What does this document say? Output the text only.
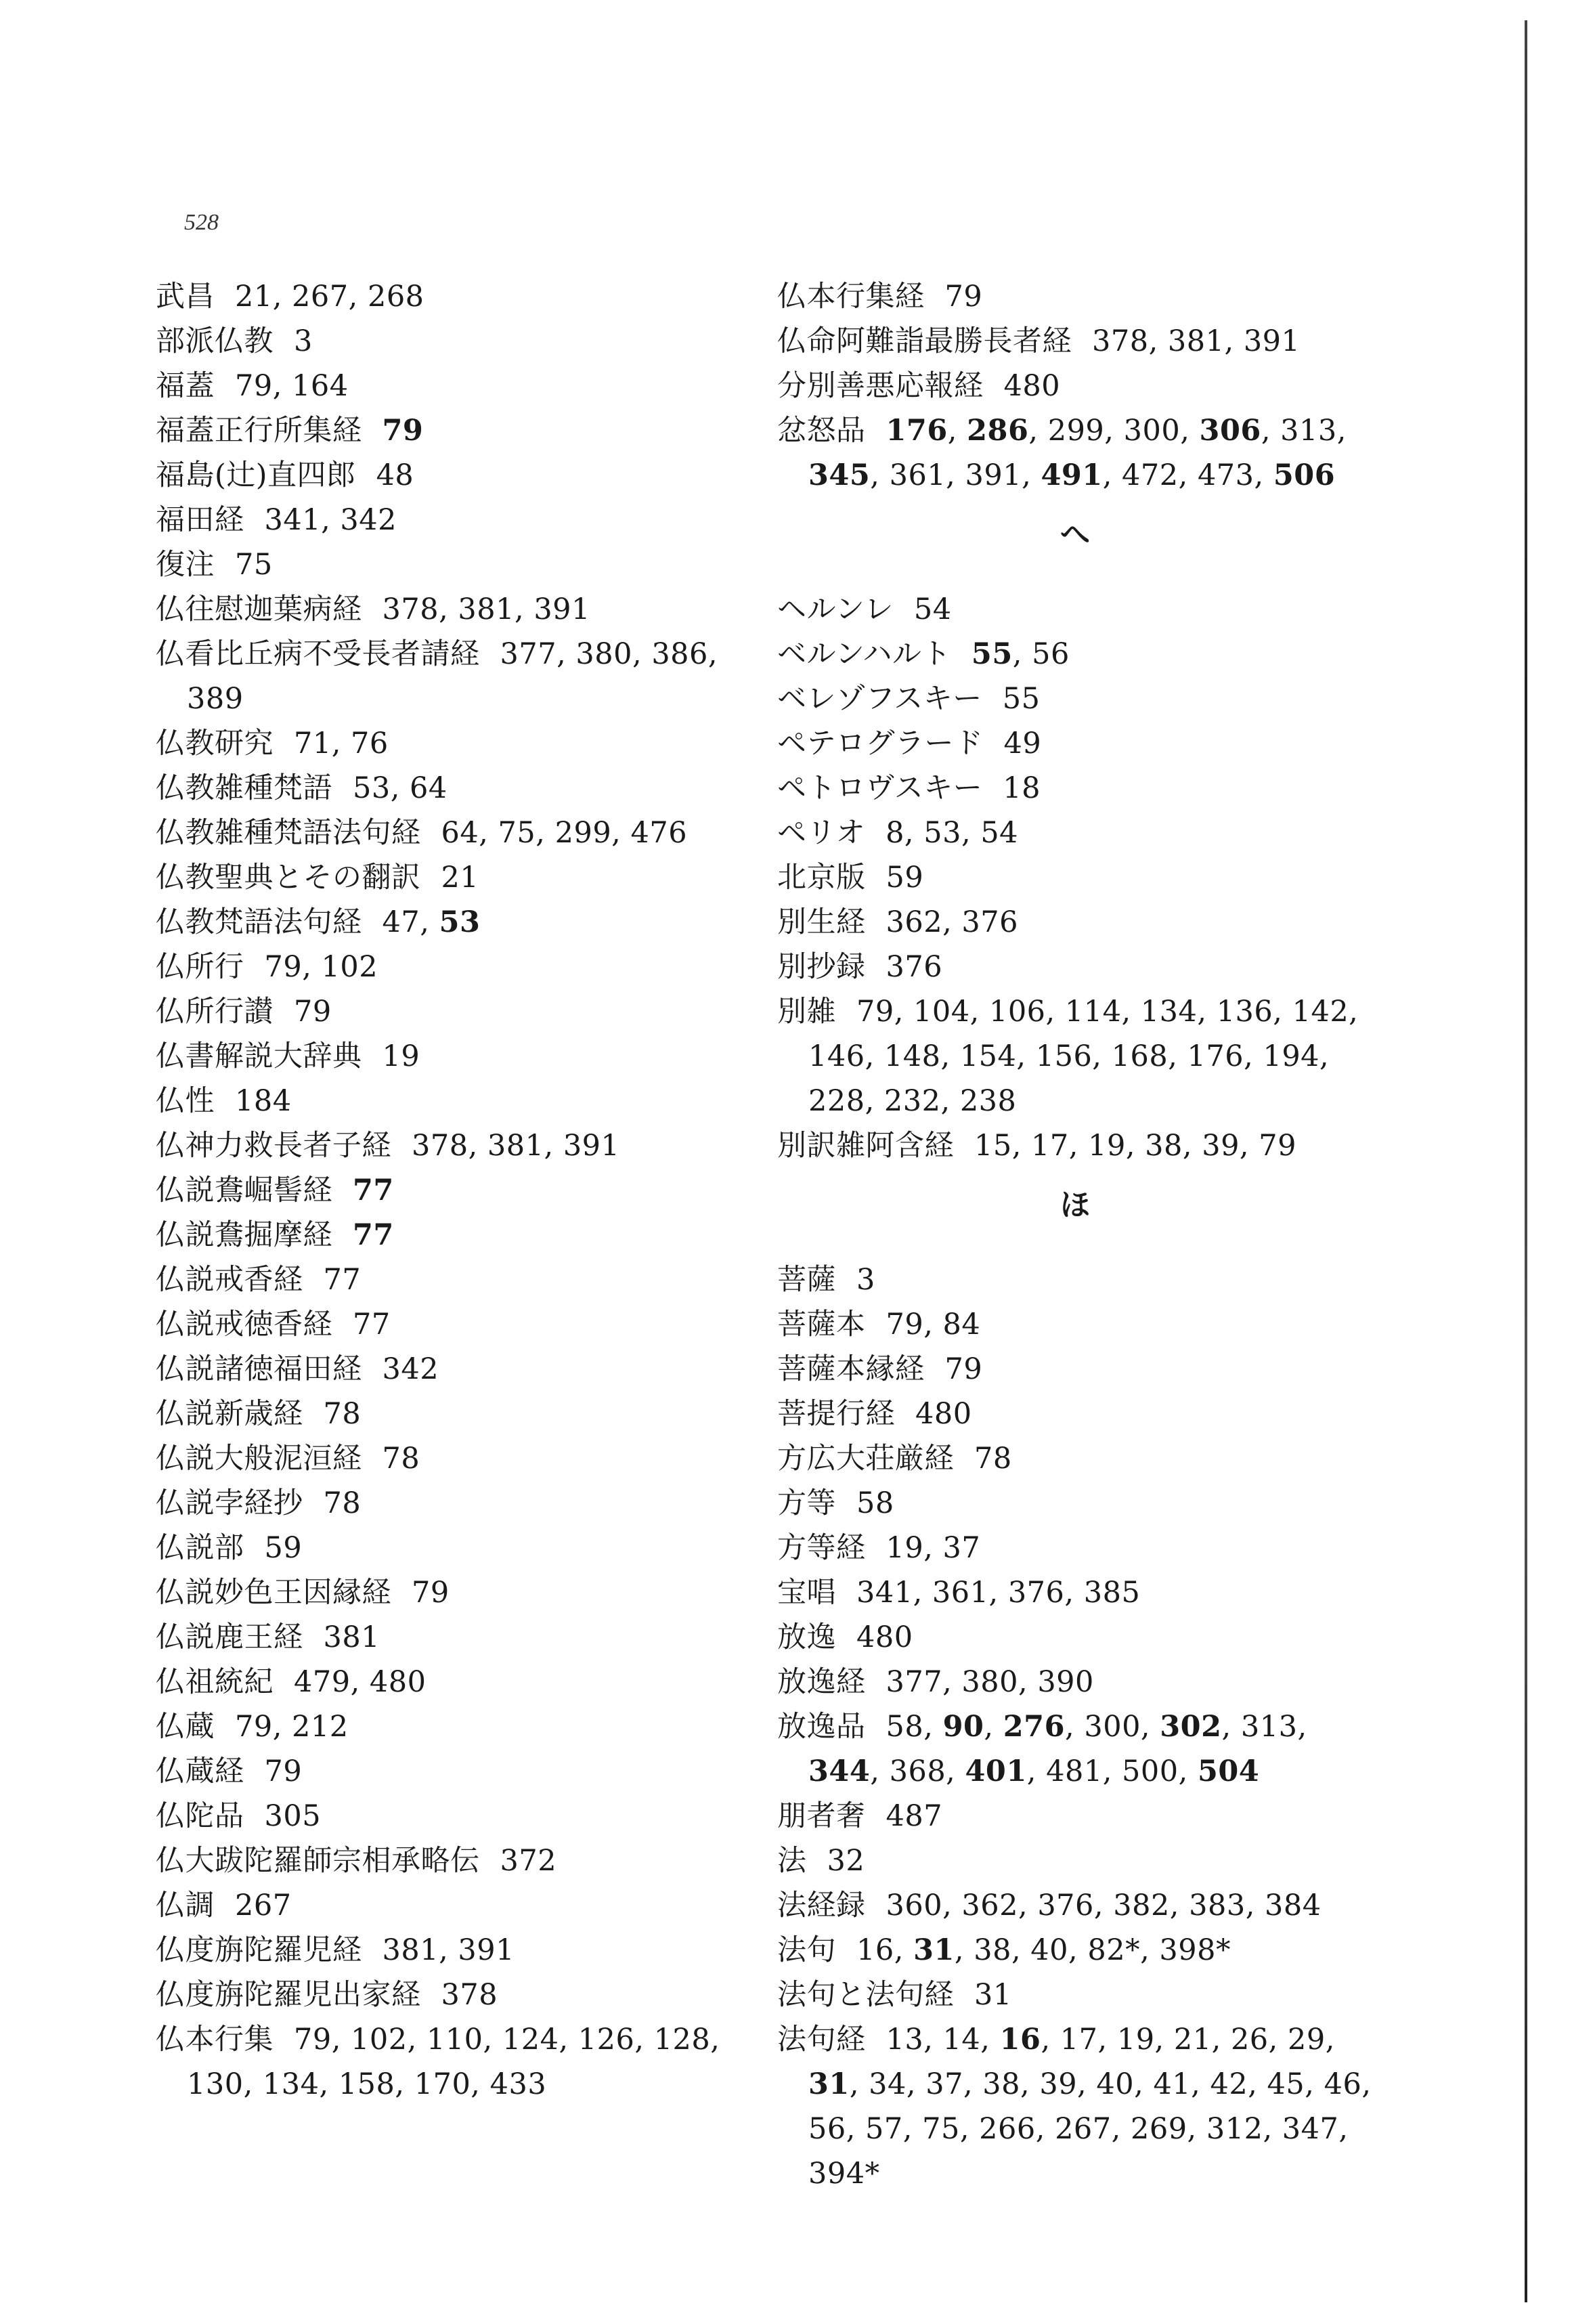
528
武昌 21, 267, 268
部派仏教 3
福蓋 79, 164
福蓋正行所集経 79
福島(辻)直四郎 48
福田経 341, 342
復注 75
仏往慰迦葉病経 378, 381, 391
仏看比丘病不受長者請経 377, 380, 386, 389
仏教研究 71, 76
仏教雑種梵語 53, 64
仏教雑種梵語法句経 64, 75, 299, 476
仏教聖典とその翻訳 21
仏教梵語法句経 47, 53
仏所行 79, 102
仏所行讃 79
仏書解説大辞典 19
仏性 184
仏神力救長者子経 378, 381, 391
仏説鴦崛髻経 77
仏説鴦掘摩経 77
仏説戒香経 77
仏説戒徳香経 77
仏説諸徳福田経 342
仏説新歳経 78
仏説大般泥洹経 78
仏説孛経抄 78
仏説部 59
仏説妙色王因縁経 79
仏説鹿王経 381
仏祖統紀 479, 480
仏蔵 79, 212
仏蔵経 79
仏陀品 305
仏大跋陀羅師宗相承略伝 372
仏調 267
仏度旃陀羅児経 381, 391
仏度旃陀羅児出家経 378
仏本行集 79, 102, 110, 124, 126, 128, 130, 134, 158, 170, 433
仏本行集経 79
仏命阿難詣最勝長者経 378, 381, 391
分別善悪応報経 480
忿怒品 176, 286, 299, 300, 306, 313, 345, 361, 391, 491, 472, 473, 506
へ
ヘルンレ 54
ベルンハルト 55, 56
ベレゾフスキー 55
ペテログラード 49
ペトロヴスキー 18
ペリオ 8, 53, 54
北京版 59
別生経 362, 376
別抄録 376
別雑 79, 104, 106, 114, 134, 136, 142, 146, 148, 154, 156, 168, 176, 194, 228, 232, 238
別訳雑阿含経 15, 17, 19, 38, 39, 79
ほ
菩薩 3
菩薩本 79, 84
菩薩本縁経 79
菩提行経 480
方広大荘厳経 78
方等 58
方等経 19, 37
宝唱 341, 361, 376, 385
放逸 480
放逸経 377, 380, 390
放逸品 58, 90, 276, 300, 302, 313, 344, 368, 401, 481, 500, 504
朋者奢 487
法 32
法経録 360, 362, 376, 382, 383, 384
法句 16, 31, 38, 40, 82*, 398*
法句と法句経 31
法句経 13, 14, 16, 17, 19, 21, 26, 29, 31, 34, 37, 38, 39, 40, 41, 42, 45, 46, 56, 57, 75, 266, 267, 269, 312, 347, 394*
